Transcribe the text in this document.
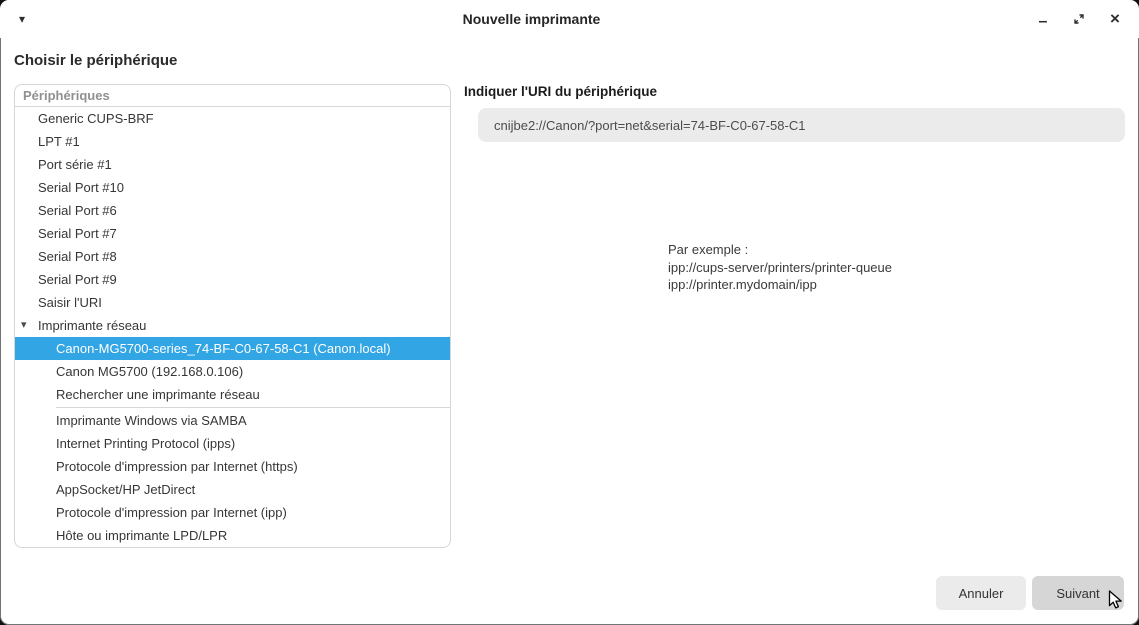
▾	Nouvelle imprimante	–	×
Choisir le périphérique
Périphériques
Generic CUPS-BRF
LPT #1
Port série #1
Serial Port #10
Serial Port #6
Serial Port #7
Serial Port #8
Serial Port #9
Saisir l'URI
▾ Imprimante réseau
Canon-MG5700-series_74-BF-C0-67-58-C1 (Canon.local)
Canon MG5700 (192.168.0.106)
Rechercher une imprimante réseau
Imprimante Windows via SAMBA
Internet Printing Protocol (ipps)
Protocole d'impression par Internet (https)
AppSocket/HP JetDirect
Protocole d'impression par Internet (ipp)
Hôte ou imprimante LPD/LPR
Indiquer l'URI du périphérique
cnijbe2://Canon/?port=net&serial=74-BF-C0-67-58-C1
Par exemple :
ipp://cups-server/printers/printer-queue
ipp://printer.mydomain/ipp
Annuler	Suivant
